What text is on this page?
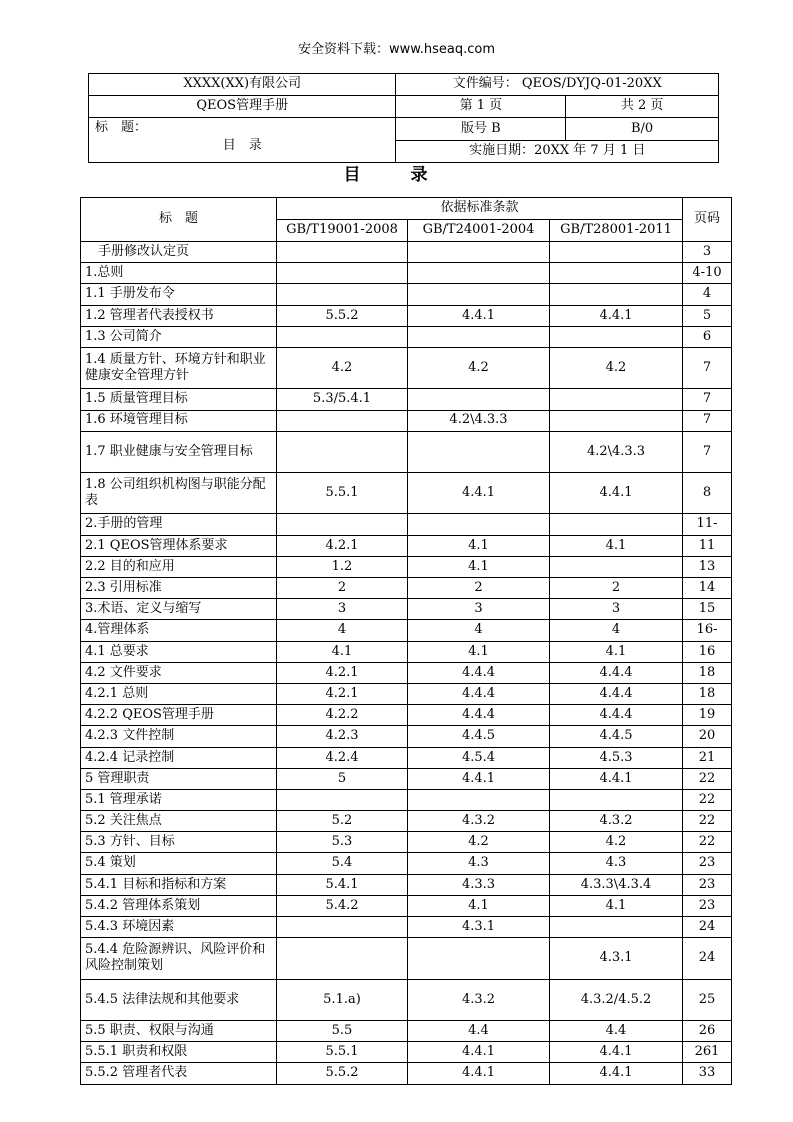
安全资料下载：www.hseaq.com
XXXX(XX)有限公司	文件编号： QEOS/DYJQ-01-20XX	
QEOS管理手册	第 1 页	共 2 页

标　题：
目　录	版号 B	B/0
	实施日期：20XX 年 7 月 1 日	
目 录
标　题	依据标准条款			页码
	GB/T19001-2008	GB/T24001-2004	GB/T28001-2011	
　手册修改认定页				3
1.总则				4-10
1.1 手册发布令				4
1.2 管理者代表授权书	5.5.2	4.4.1	4.4.1	5
1.3 公司简介				6
1.4 质量方针、环境方针和职业健康安全管理方针	4.2	4.2	4.2	7
1.5 质量管理目标	5.3/5.4.1			7
1.6 环境管理目标		4.2\4.3.3		7
1.7 职业健康与安全管理目标			4.2\4.3.3	7
1.8 公司组织机构图与职能分配表	5.5.1	4.4.1	4.4.1	8
2.手册的管理				11-
2.1 QEOS管理体系要求	4.2.1	4.1	4.1	11
2.2 目的和应用	1.2	4.1		13
2.3 引用标准	2	2	2	14
3.术语、定义与缩写	3	3	3	15
4.管理体系	4	4	4	16-
4.1 总要求	4.1	4.1	4.1	16
4.2 文件要求	4.2.1	4.4.4	4.4.4	18
4.2.1 总则	4.2.1	4.4.4	4.4.4	18
4.2.2 QEOS管理手册	4.2.2	4.4.4	4.4.4	19
4.2.3 文件控制	4.2.3	4.4.5	4.4.5	20
4.2.4 记录控制	4.2.4	4.5.4	4.5.3	21
5 管理职责	5	4.4.1	4.4.1	22
5.1 管理承诺				22
5.2 关注焦点	5.2	4.3.2	4.3.2	22
5.3 方针、目标	5.3	4.2	4.2	22
5.4 策划	5.4	4.3	4.3	23
5.4.1 目标和指标和方案	5.4.1	4.3.3	4.3.3\4.3.4	23
5.4.2 管理体系策划	5.4.2	4.1	4.1	23
5.4.3 环境因素		4.3.1		24
5.4.4 危险源辨识、风险评价和风险控制策划			4.3.1	24
5.4.5 法律法规和其他要求	5.1.a)	4.3.2	4.3.2/4.5.2	25
5.5 职责、权限与沟通	5.5	4.4	4.4	26
5.5.1 职责和权限	5.5.1	4.4.1	4.4.1	261
5.5.2 管理者代表	5.5.2	4.4.1	4.4.1	33
